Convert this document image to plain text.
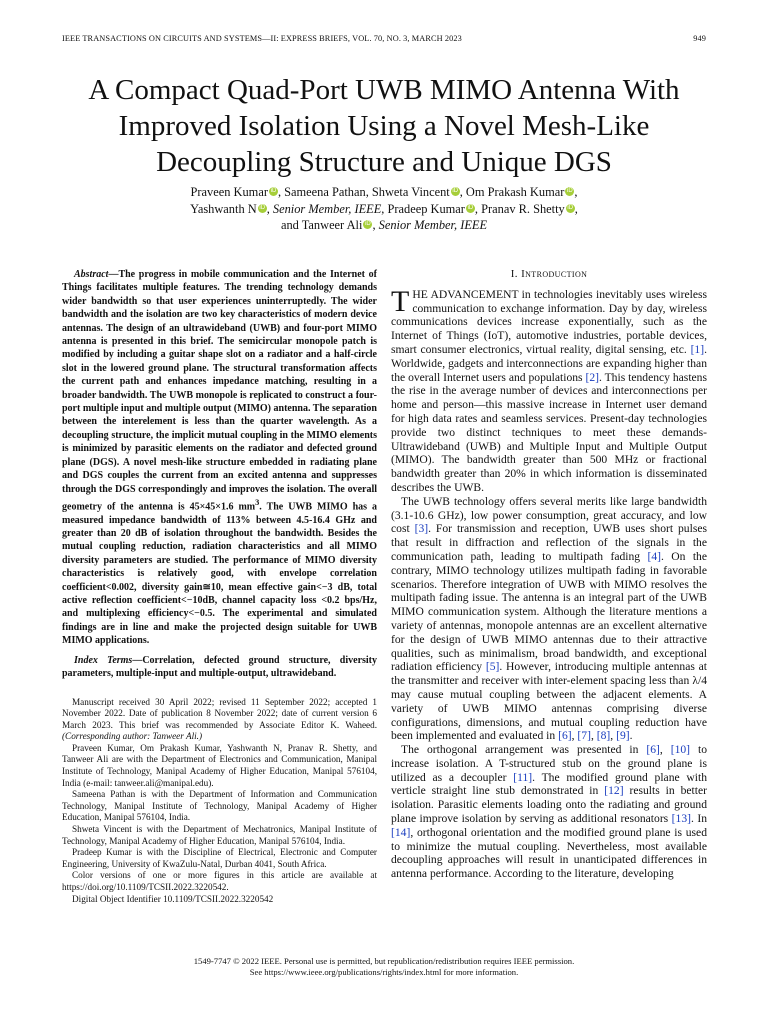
IEEE TRANSACTIONS ON CIRCUITS AND SYSTEMS—II: EXPRESS BRIEFS, VOL. 70, NO. 3, MARCH 2023	949
A Compact Quad-Port UWB MIMO Antenna With
Improved Isolation Using a Novel Mesh-Like
Decoupling Structure and Unique DGS
Praveen Kumar iD , Sameena Pathan, Shweta Vincent iD , Om Prakash Kumar iD ,
Yashwanth N iD , Senior Member, IEEE, Pradeep Kumar iD , Pranav R. Shetty iD ,
and Tanweer Ali iD , Senior Member, IEEE

Abstract—The progress in mobile communication and the Internet of Things facilitates multiple features. The trending technology demands wider bandwidth so that user experiences uninterruptedly. The wider bandwidth and the isolation are two key characteristics of modern device antennas. The design of an ultrawideband (UWB) and four-port MIMO antenna is presented in this brief. The semicircular monopole patch is modified by including a guitar shape slot on a radiator and a half-circle slot in the lowered ground plane. The structural transformation affects the current path and enhances impedance matching, resulting in a broader bandwidth. The UWB monopole is replicated to construct a four-port multiple input and multiple output (MIMO) antenna. The separation between the interelement is less than the quarter wavelength. As a decoupling structure, the implicit mutual coupling in the MIMO elements is minimized by parasitic elements on the radiator and defected ground plane (DGS). A novel mesh-like structure embedded in radiating plane and DGS couples the current from an excited antenna and suppresses through the DGS correspondingly and improves the isolation. The overall geometry of the antenna is 45×45×1.6 $mm^3$. The UWB MIMO has a measured impedance bandwidth of 113% between 4.5-16.4 GHz and greater than 20 dB of isolation throughout the bandwidth. Besides the mutual coupling reduction, radiation characteristics and all MIMO diversity parameters are studied. The performance of MIMO diversity characteristics is relatively good, with envelope correlation coefficient<0.002, diversity gain≅10, mean effective gain<−3 dB, total active reflection coefficient<−10dB, channel capacity loss <0.2 bps/Hz, and multiplexing efficiency<−0.5. The experimental and simulated findings are in line and make the projected design suitable for UWB MIMO applications.

Index Terms—Correlation, defected ground structure, diversity parameters, multiple-input and multiple-output, ultrawideband.

Manuscript received 30 April 2022; revised 11 September 2022; accepted 1 November 2022. Date of publication 8 November 2022; date of current version 6 March 2023. This brief was recommended by Associate Editor K. Waheed. (Corresponding author: Tanweer Ali.)

Praveen Kumar, Om Prakash Kumar, Yashwanth N, Pranav R. Shetty, and Tanweer Ali are with the Department of Electronics and Communication, Manipal Institute of Technology, Manipal Academy of Higher Education, Manipal 576104, India (e-mail: tanweer.ali@manipal.edu).

Sameena Pathan is with the Department of Information and Communication Technology, Manipal Institute of Technology, Manipal Academy of Higher Education, Manipal 576104, India.

Shweta Vincent is with the Department of Mechatronics, Manipal Institute of Technology, Manipal Academy of Higher Education, Manipal 576104, India.

Pradeep Kumar is with the Discipline of Electrical, Electronic and Computer Engineering, University of KwaZulu-Natal, Durban 4041, South Africa.

Color versions of one or more figures in this article are available at https://doi.org/10.1109/TCSII.2022.3220542.

Digital Object Identifier 10.1109/TCSII.2022.3220542

I. Introduction

THE ADVANCEMENT in technologies inevitably uses wireless communication to exchange information. Day by day, wireless communications devices increase exponentially, such as the Internet of Things (IoT), automotive industries, portable devices, smart consumer electronics, virtual reality, digital sensing, etc. [1]. Worldwide, gadgets and interconnections are expanding higher than the overall Internet users and populations [2]. This tendency hastens the rise in the average number of devices and interconnections per home and person—this massive increase in Internet user demand for high data rates and seamless services. Present-day technologies provide two distinct techniques to meet these demands- Ultrawideband (UWB) and Multiple Input and Multiple Output (MIMO). The bandwidth greater than 500 MHz or fractional bandwidth greater than 20% in which information is disseminated describes the UWB.

The UWB technology offers several merits like large bandwidth (3.1-10.6 GHz), low power consumption, great accuracy, and low cost [3]. For transmission and reception, UWB uses short pulses that result in diffraction and reflection of the signals in the communication path, leading to multipath fading [4]. On the contrary, MIMO technology utilizes multipath fading in favorable scenarios. Therefore integration of UWB with MIMO resolves the multipath fading issue. The antenna is an integral part of the UWB MIMO communication system. Although the literature mentions a variety of antennas, monopole antennas are an excellent alternative for the design of UWB MIMO antennas due to their attractive qualities, such as minimalism, broad bandwidth, and exceptional radiation efficiency [5]. However, introducing multiple antennas at the transmitter and receiver with inter-element spacing less than λ/4 may cause mutual coupling between the adjacent elements. A variety of UWB MIMO antennas comprising diverse configurations, dimensions, and mutual coupling reduction have been implemented and evaluated in [6], [7], [8], [9].

The orthogonal arrangement was presented in [6], [10] to increase isolation. A T-structured stub on the ground plane is utilized as a decoupler [11]. The modified ground plane with verticle straight line stub demonstrated in [12] results in better isolation. Parasitic elements loading onto the radiating and ground plane improve isolation by serving as additional resonators [13]. In [14], orthogonal orientation and the modified ground plane is used to minimize the mutual coupling. Nevertheless, most available decoupling approaches will result in unanticipated differences in antenna performance. According to the literature, developing

1549-7747 © 2022 IEEE. Personal use is permitted, but republication/redistribution requires IEEE permission.
See https://www.ieee.org/publications/rights/index.html for more information.
